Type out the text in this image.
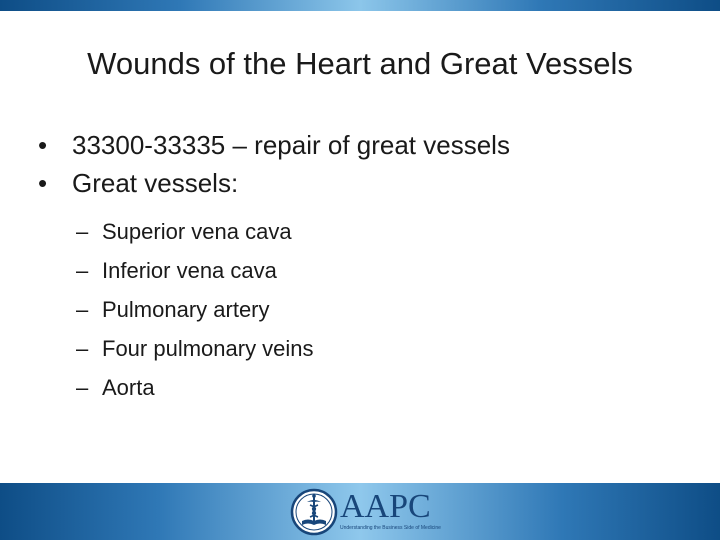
Wounds of the Heart and Great Vessels
• 33300-33335 – repair of great vessels
• Great vessels:
– Superior vena cava
– Inferior vena cava
– Pulmonary artery
– Four pulmonary veins
– Aorta
AAPC
Understanding the Business Side of Medicine
